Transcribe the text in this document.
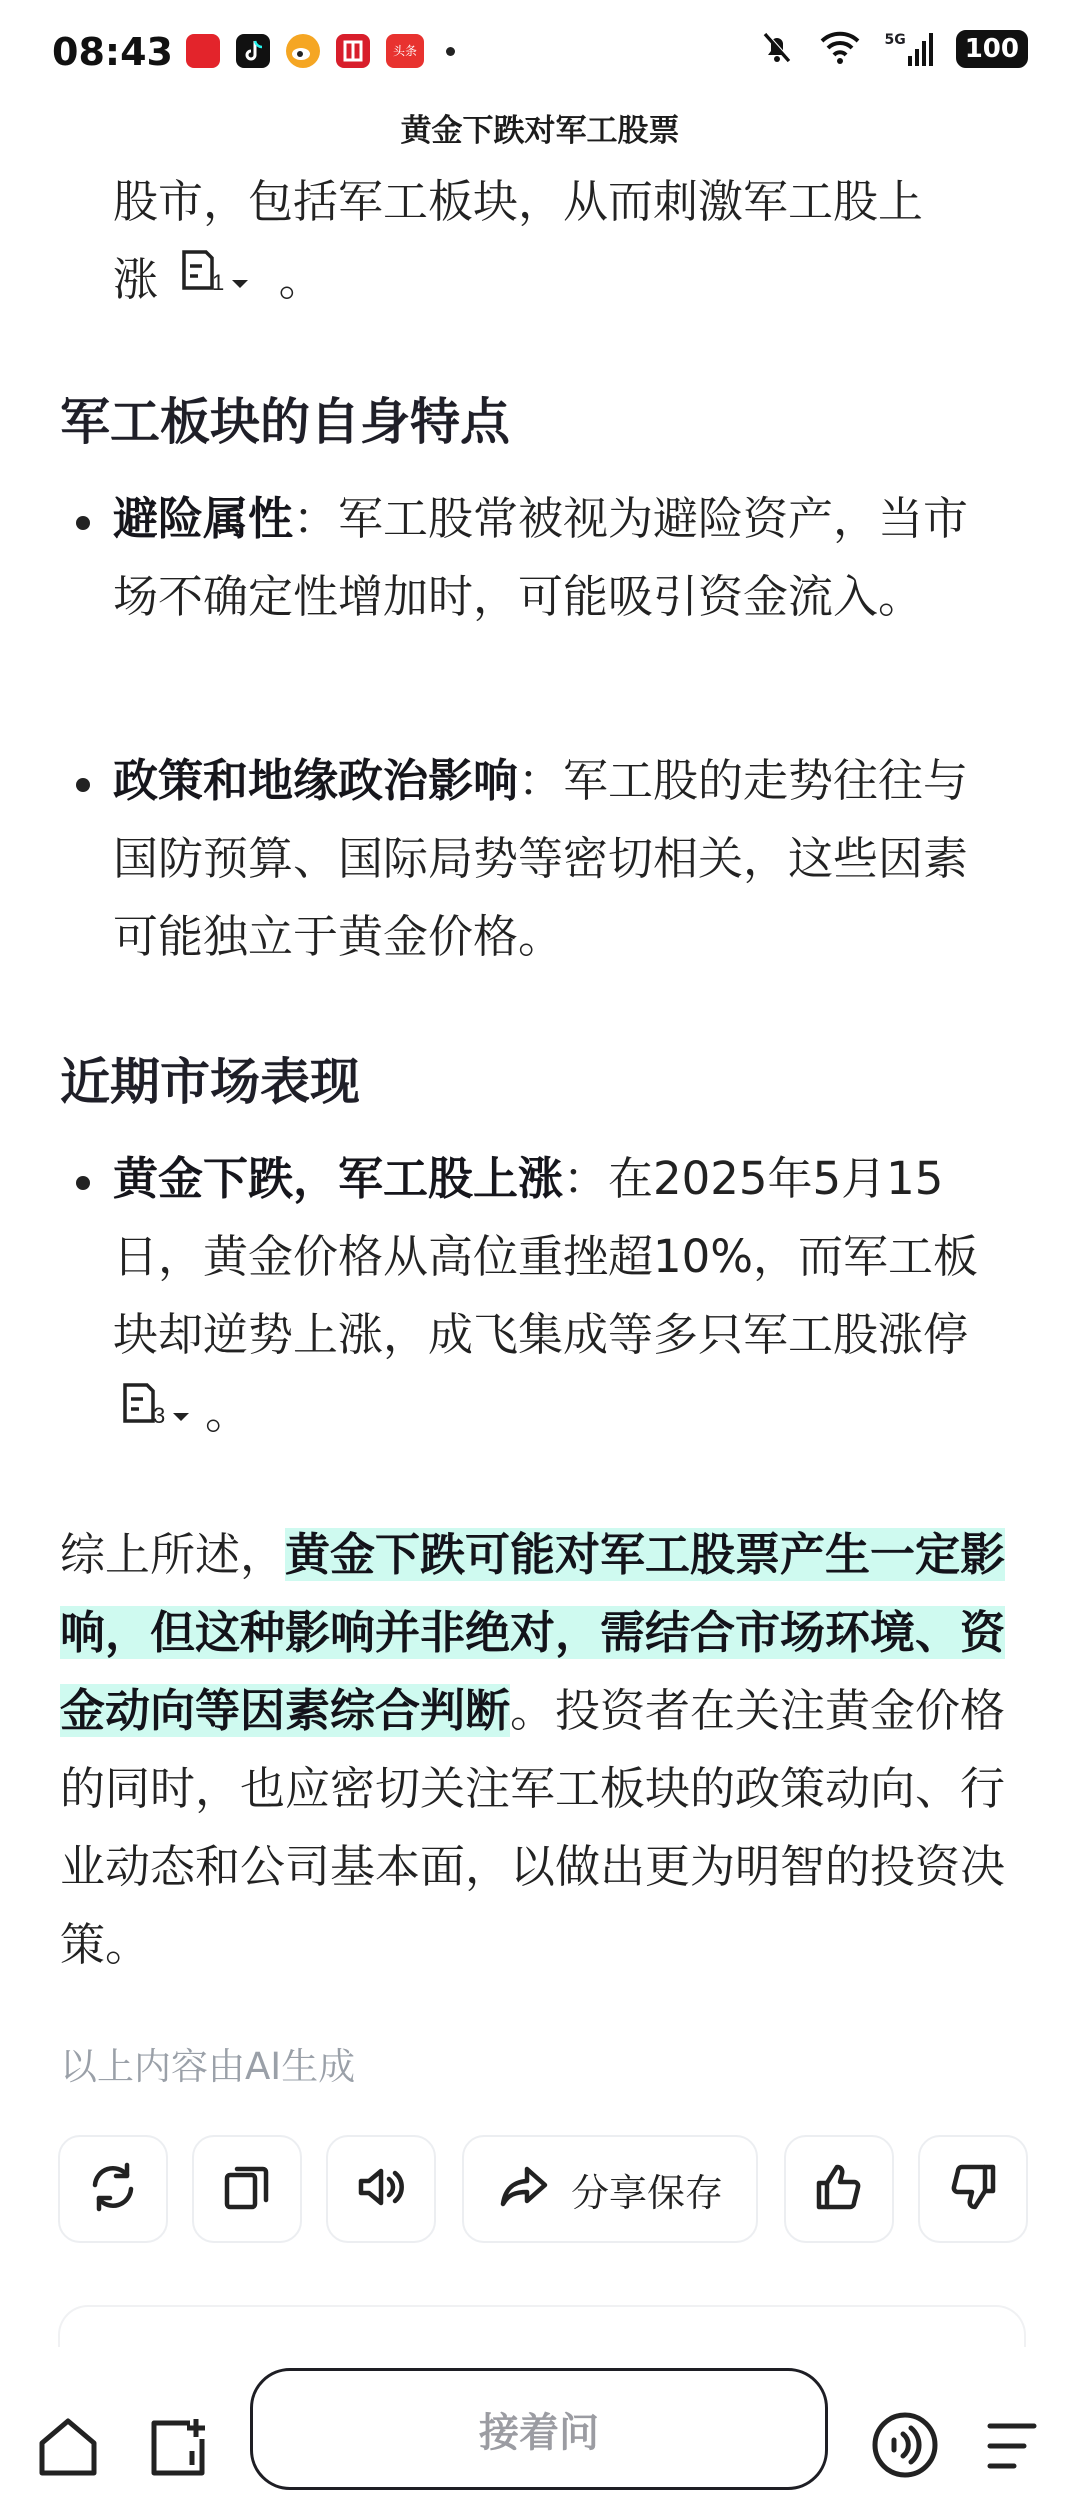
08:43	头条
5G	100
黄金下跌对军工股票
股市，包括军工板块，从而刺激军工股上
涨 1 。
军工板块的自身特点
避险属性：军工股常被视为避险资产，当市场不确定性增加时，可能吸引资金流入。
政策和地缘政治影响：军工股的走势往往与国防预算、国际局势等密切相关，这些因素可能独立于黄金价格。
近期市场表现
黄金下跌，军工股上涨：在2025年5月15日，黄金价格从高位重挫超10%，而军工板块却逆势上涨，成飞集成等多只军工股涨停
3 。
综上所述，黄金下跌可能对军工股票产生一定影响，但这种影响并非绝对，需结合市场环境、资金动向等因素综合判断。投资者在关注黄金价格的同时，也应密切关注军工板块的政策动向、行业动态和公司基本面，以做出更为明智的投资决策。
以上内容由AI生成
分享保存
接着问
